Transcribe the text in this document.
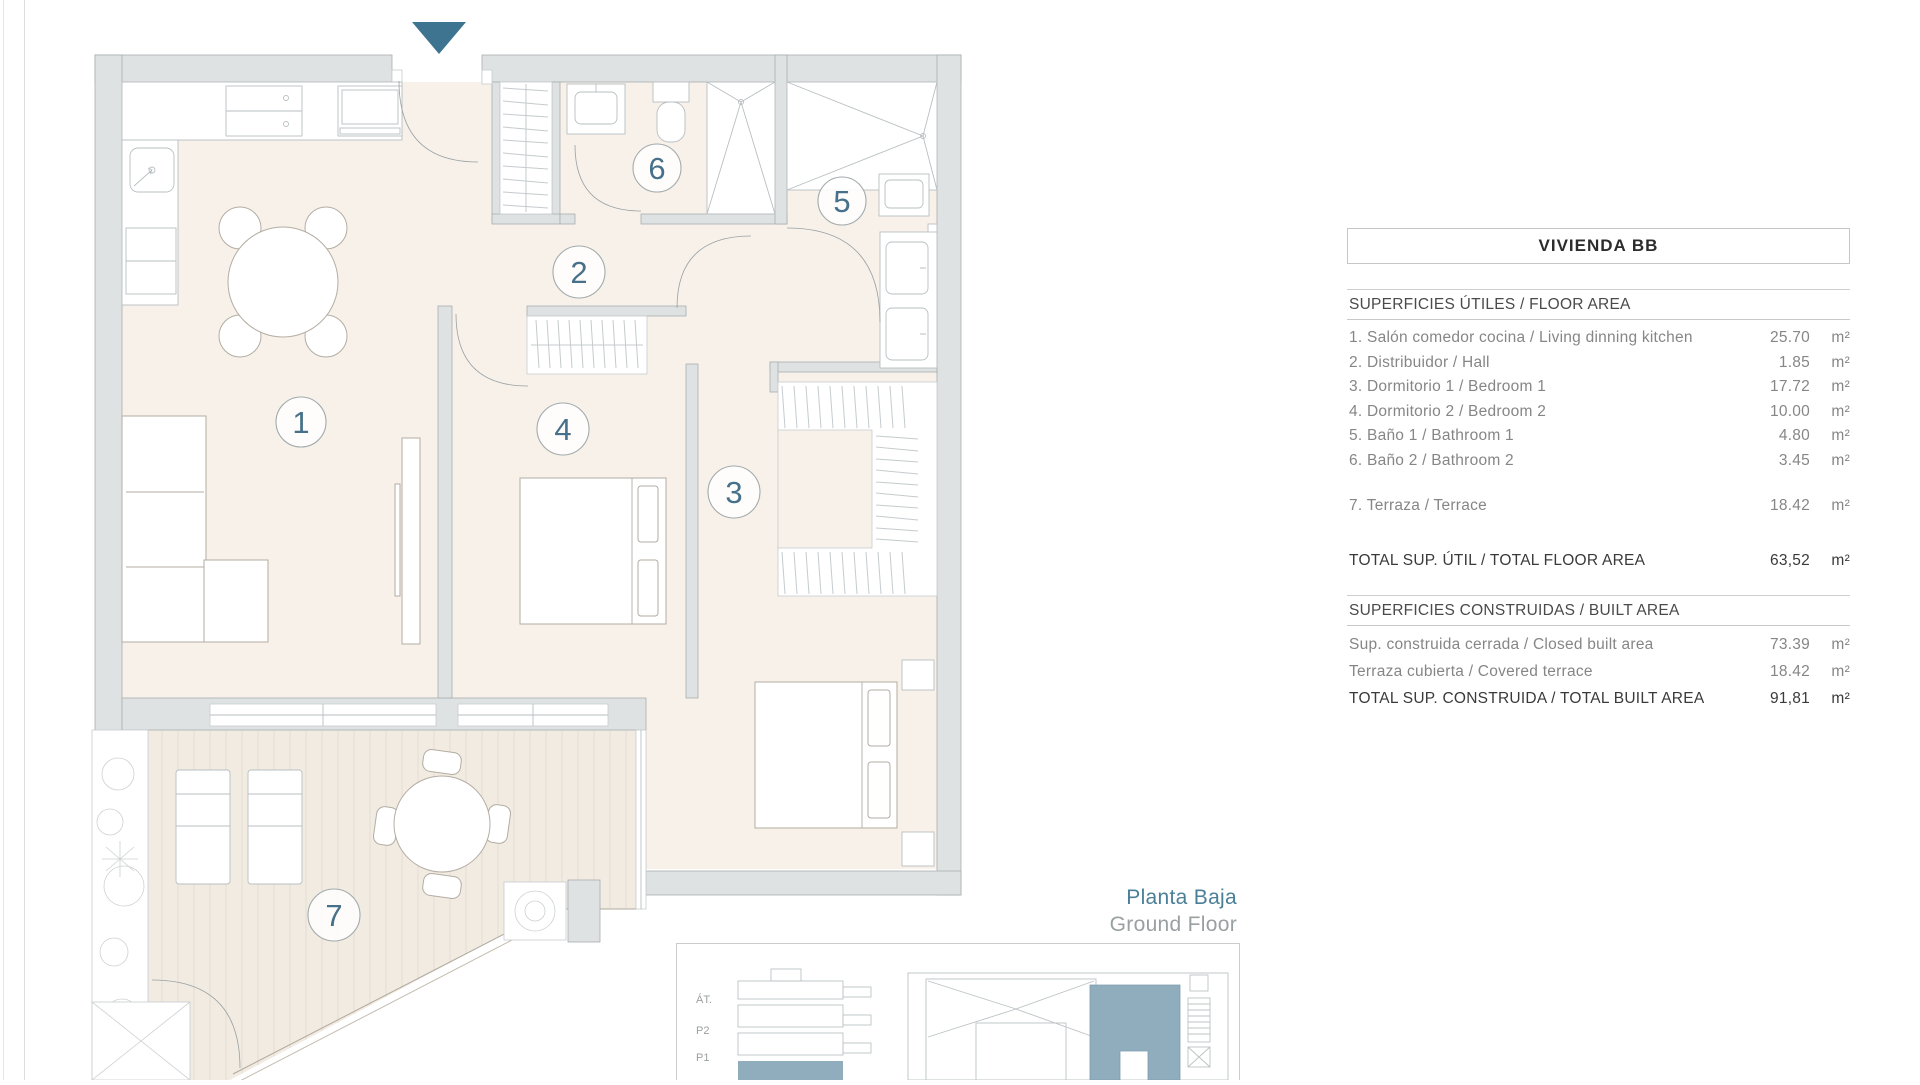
1
2
3
4
5
6
7
VIVIENDA BB
SUPERFICIES ÚTILES / FLOOR AREA
1. Salón comedor cocina / Living dinning kitchen	25.70	m²
2. Distribuidor / Hall	1.85	m²
3. Dormitorio 1 / Bedroom 1	17.72	m²
4. Dormitorio 2 / Bedroom 2	10.00	m²
5. Baño 1 / Bathroom 1	4.80	m²
6. Baño 2 / Bathroom 2	3.45	m²
7. Terraza / Terrace	18.42	m²
TOTAL SUP. ÚTIL / TOTAL FLOOR AREA	63,52	m²
SUPERFICIES CONSTRUIDAS / BUILT AREA
Sup. construida cerrada / Closed built area	73.39	m²
Terraza cubierta / Covered terrace	18.42	m²
TOTAL SUP. CONSTRUIDA / TOTAL BUILT AREA	91,81	m²
Planta Baja
Ground Floor
ÁT.
P2
P1
